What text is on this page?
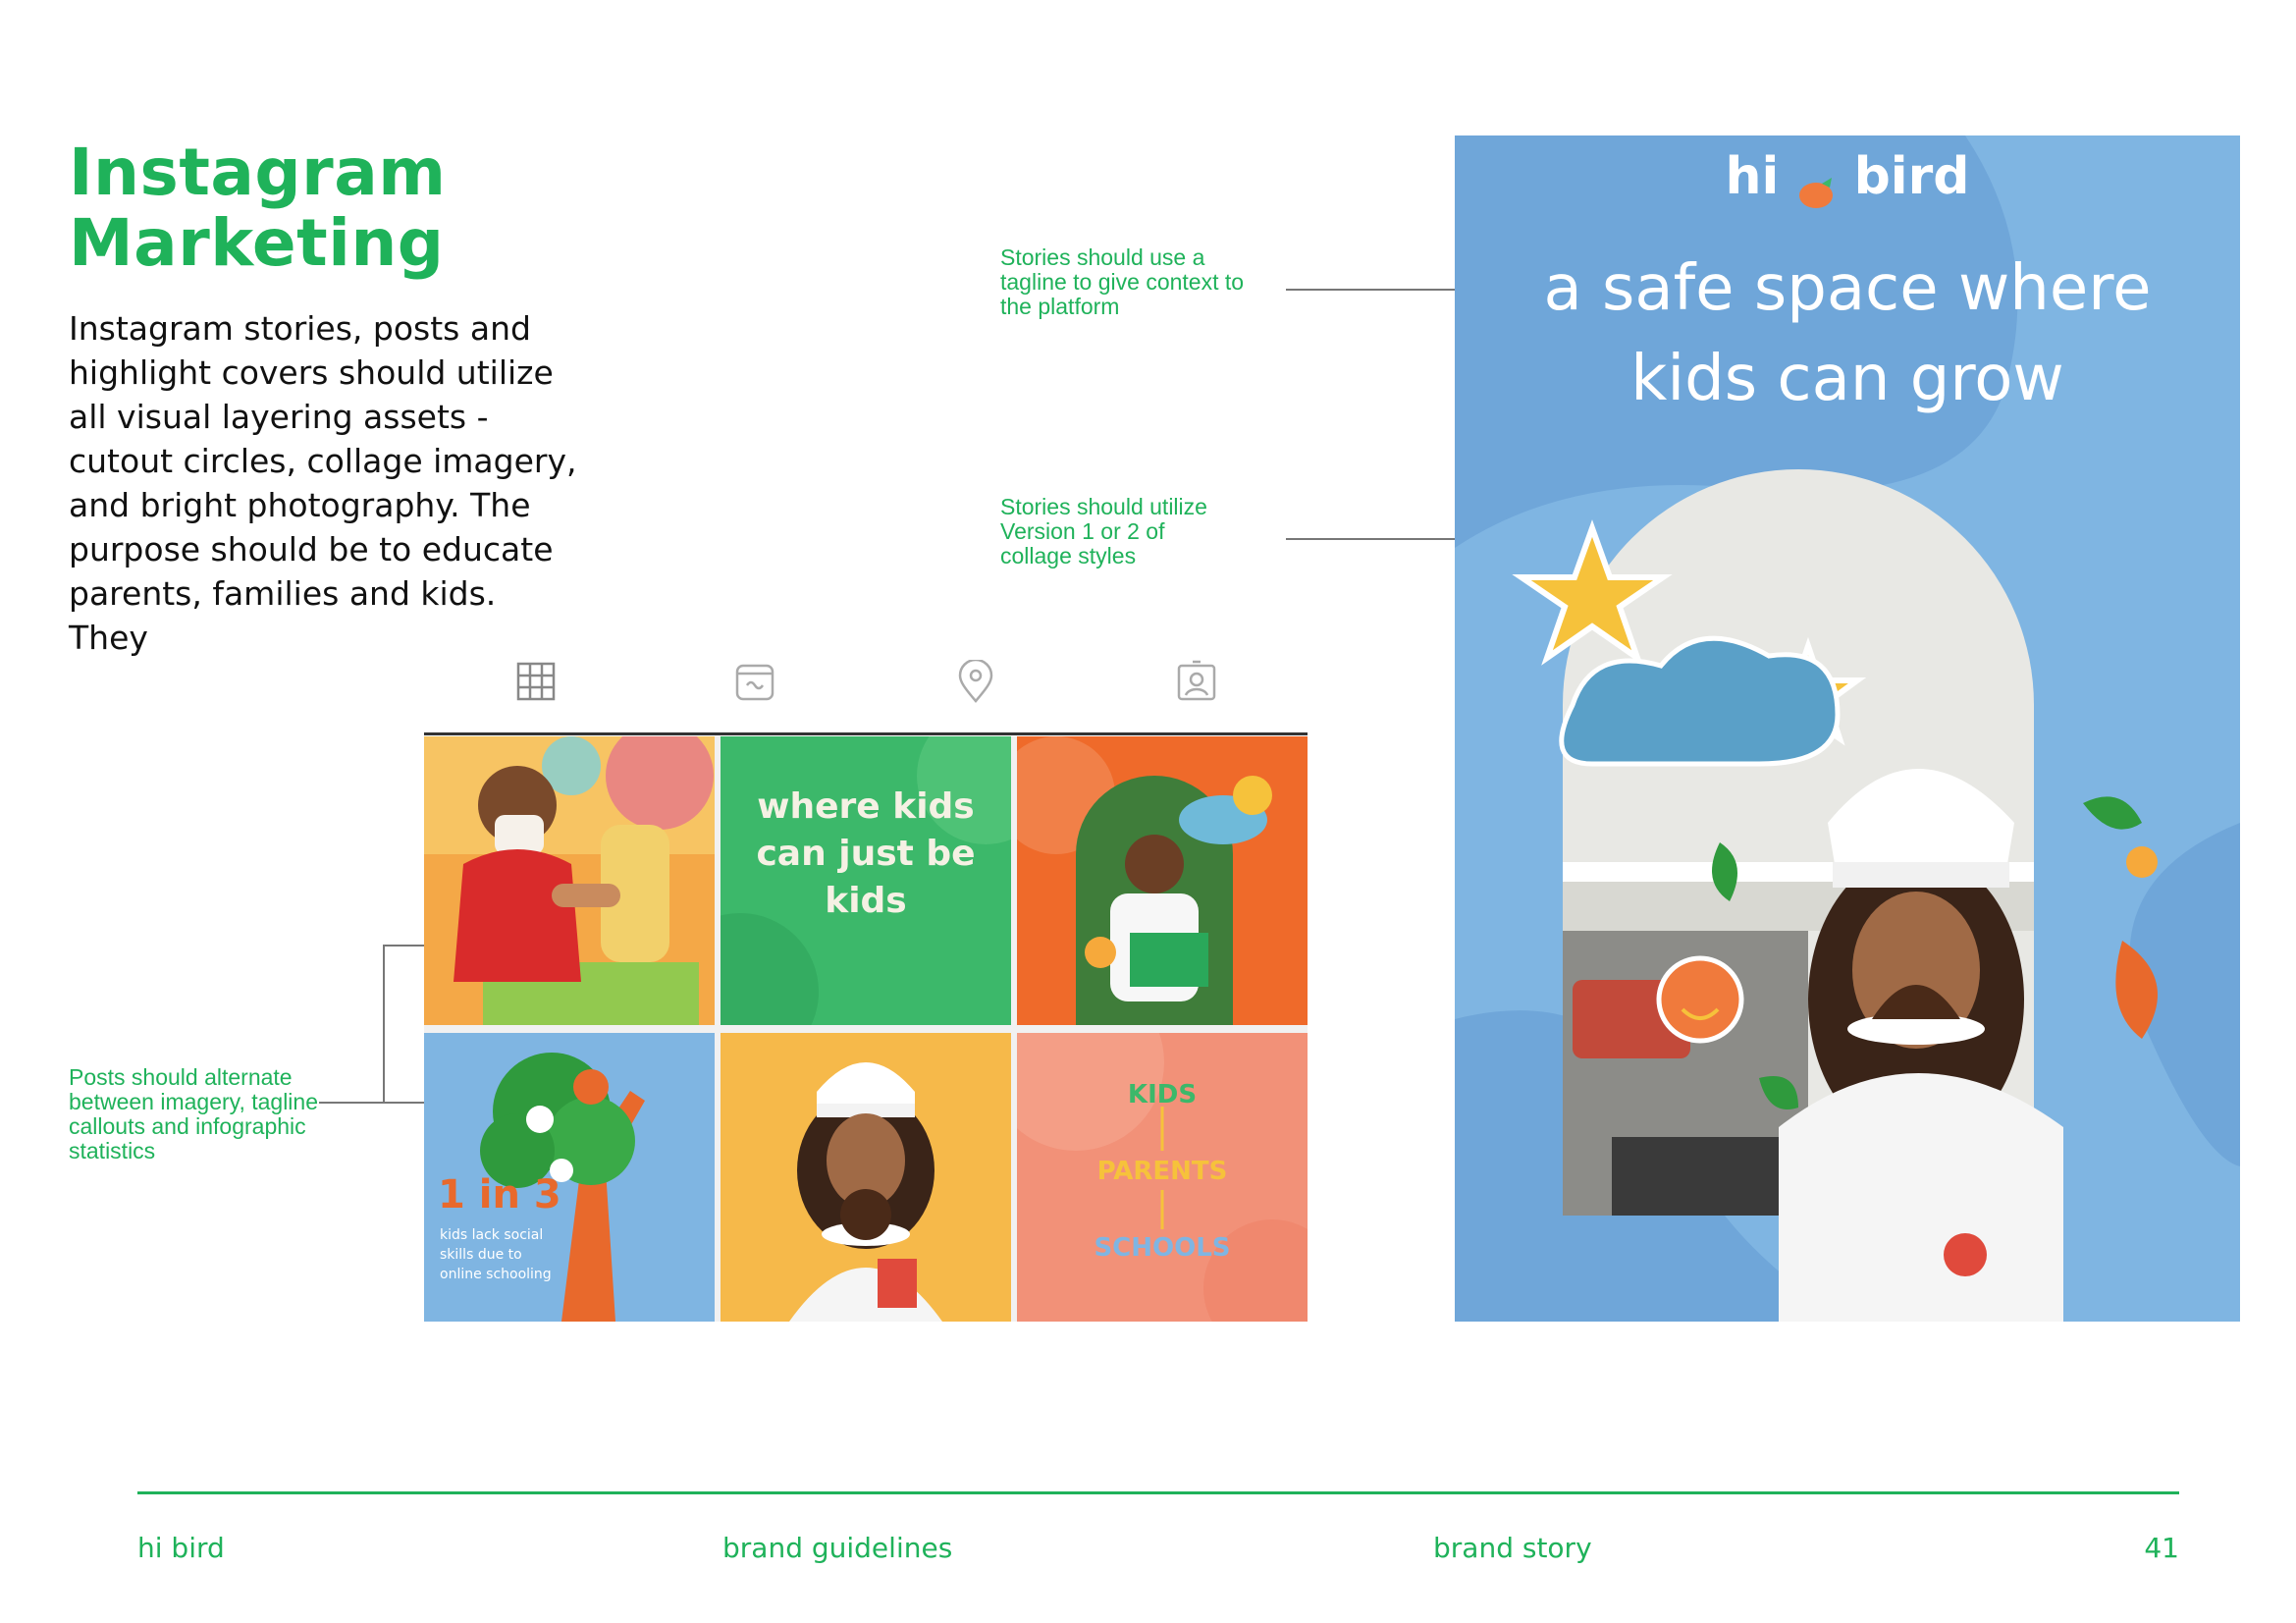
Instagram
Marketing

Instagram stories, posts and highlight covers should utilize all visual layering assets - cutout circles, collage imagery, and bright photography. The purpose should be to educate parents, families and kids. They

Stories should use a tagline to give context to the platform
Stories should utilize Version 1 or 2 of collage styles
Posts should alternate between imagery, tagline callouts and infographic statistics
where kids can just be kids
1 in 3
kids lack social skills due to online schooling
KIDS
PARENTS
SCHOOLS
hi bird
a safe space where kids can grow
hi bird	brand guidelines	brand story	41
